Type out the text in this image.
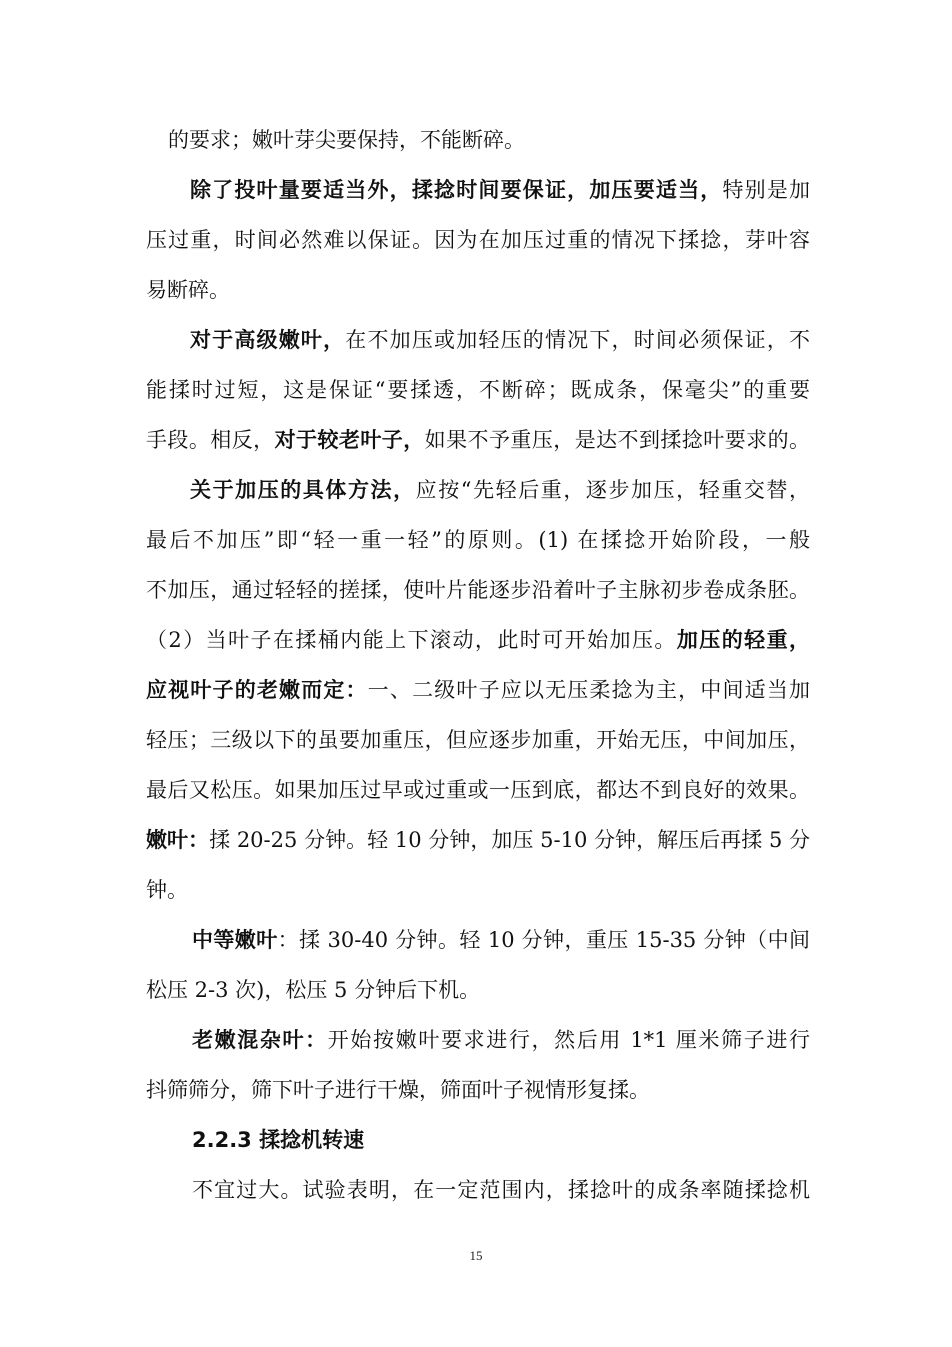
的要求；嫩叶芽尖要保持，不能断碎。
除了投叶量要适当外，揉捻时间要保证，加压要适当，特别是加
压过重，时间必然难以保证。因为在加压过重的情况下揉捻，芽叶容
易断碎。
对于高级嫩叶，在不加压或加轻压的情况下，时间必须保证，不
能揉时过短，这是保证“要揉透，不断碎；既成条，保毫尖”的重要
手段。相反，对于较老叶子，如果不予重压，是达不到揉捻叶要求的。
关于加压的具体方法，应按“先轻后重，逐步加压，轻重交替，
最后不加压”即“轻一重一轻”的原则。(1) 在揉捻开始阶段，一般
不加压，通过轻轻的搓揉，使叶片能逐步沿着叶子主脉初步卷成条胚。
（2）当叶子在揉桶内能上下滚动，此时可开始加压。加压的轻重，
应视叶子的老嫩而定：一、二级叶子应以无压柔捻为主，中间适当加
轻压；三级以下的虽要加重压，但应逐步加重，开始无压，中间加压，
最后又松压。如果加压过早或过重或一压到底，都达不到良好的效果。
嫩叶：揉 20-25 分钟。轻 10 分钟，加压 5-10 分钟，解压后再揉 5 分
钟。
中等嫩叶：揉 30-40 分钟。轻 10 分钟，重压 15-35 分钟（中间
松压 2-3 次)，松压 5 分钟后下机。
老嫩混杂叶：开始按嫩叶要求进行，然后用 1*1 厘米筛子进行
抖筛筛分，筛下叶子进行干燥，筛面叶子视情形复揉。
2.2.3 揉捻机转速
不宜过大。试验表明，在一定范围内，揉捻叶的成条率随揉捻机
15
